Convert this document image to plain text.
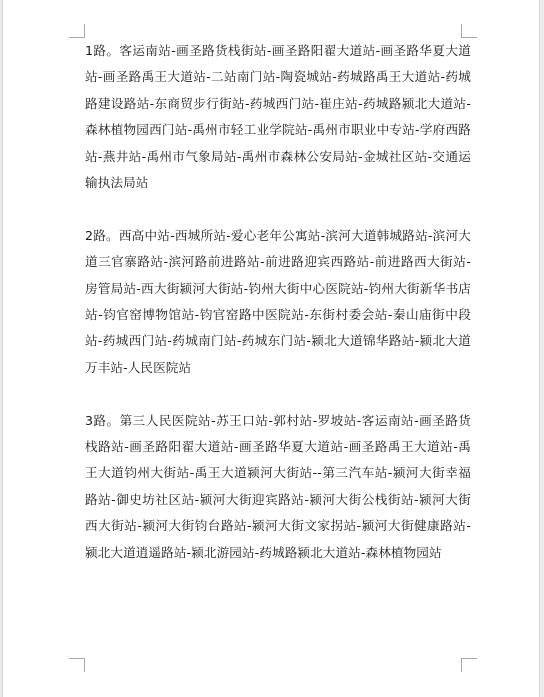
1路。客运南站-画圣路货栈街站-画圣路阳翟大道站-画圣路华夏大道站-画圣路禹王大道站-二站南门站-陶瓷城站-药城路禹王大道站-药城路建设路站-东商贸步行街站-药城西门站-崔庄站-药城路颍北大道站-森林植物园西门站-禹州市轻工业学院站-禹州市职业中专站-学府西路站-燕井站-禹州市气象局站-禹州市森林公安局站-金城社区站-交通运输执法局站

2路。西高中站-西城所站-爱心老年公寓站-滨河大道韩城路站-滨河大道三官寨路站-滨河路前进路站-前进路迎宾西路站-前进路西大街站-房管局站-西大街颍河大街站-钧州大街中心医院站-钧州大街新华书店站-钧官窑博物馆站-钧官窑路中医院站-东街村委会站-秦山庙街中段站-药城西门站-药城南门站-药城东门站-颍北大道锦华路站-颍北大道万丰站-人民医院站

3路。第三人民医院站-苏王口站-郭村站-罗坡站-客运南站-画圣路货栈路站-画圣路阳翟大道站-画圣路华夏大道站-画圣路禹王大道站-禹王大道钧州大街站-禹王大道颍河大街站--第三汽车站-颍河大街幸福路站-御史坊社区站-颍河大街迎宾路站-颍河大街公栈街站-颍河大街西大街站-颍河大街钧台路站-颍河大街文家拐站-颍河大街健康路站-颍北大道逍遥路站-颍北游园站-药城路颍北大道站-森林植物园站
